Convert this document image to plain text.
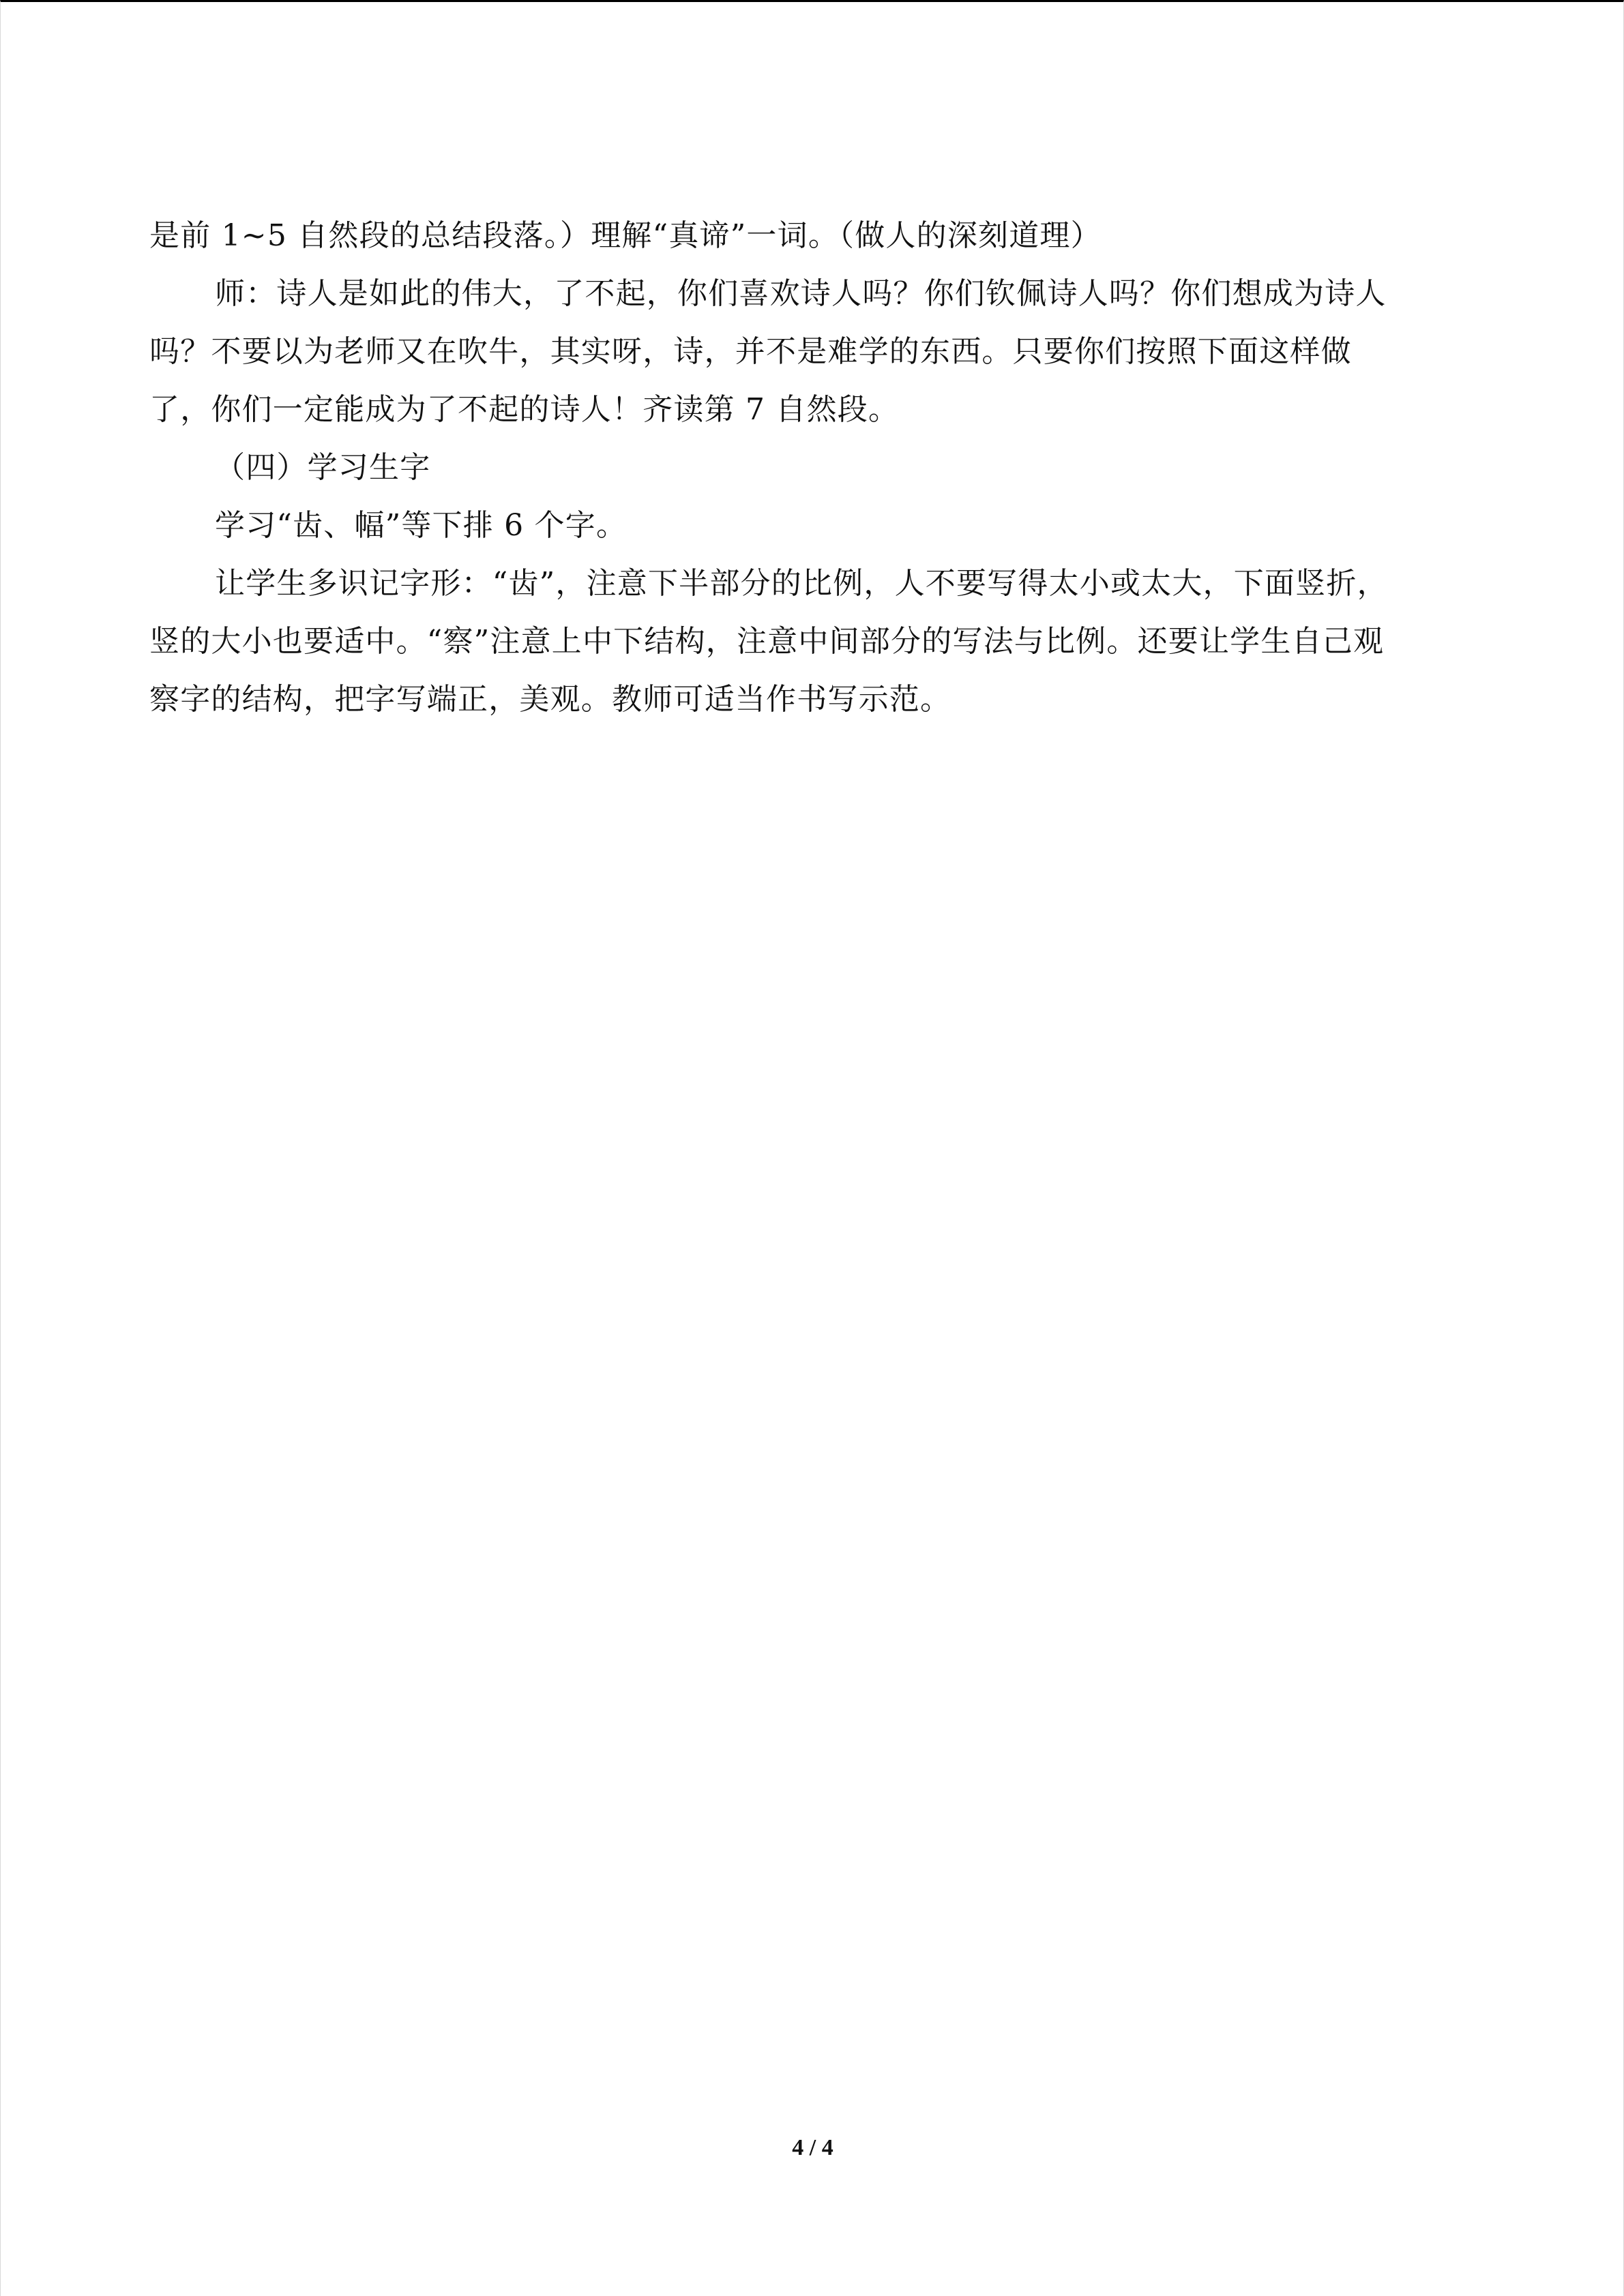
是前 1~5 自然段的总结段落。）理解“真谛”一词。（做人的深刻道理）

师：诗人是如此的伟大，了不起，你们喜欢诗人吗？你们钦佩诗人吗？你们想成为诗人

吗？不要以为老师又在吹牛，其实呀，诗，并不是难学的东西。只要你们按照下面这样做

了，你们一定能成为了不起的诗人！齐读第 7 自然段。

（四）学习生字

学习“齿、幅”等下排 6 个字。

让学生多识记字形：“齿”，注意下半部分的比例，人不要写得太小或太大，下面竖折，

竖的大小也要适中。“察”注意上中下结构，注意中间部分的写法与比例。还要让学生自己观

察字的结构，把字写端正，美观。教师可适当作书写示范。

4 / 4
